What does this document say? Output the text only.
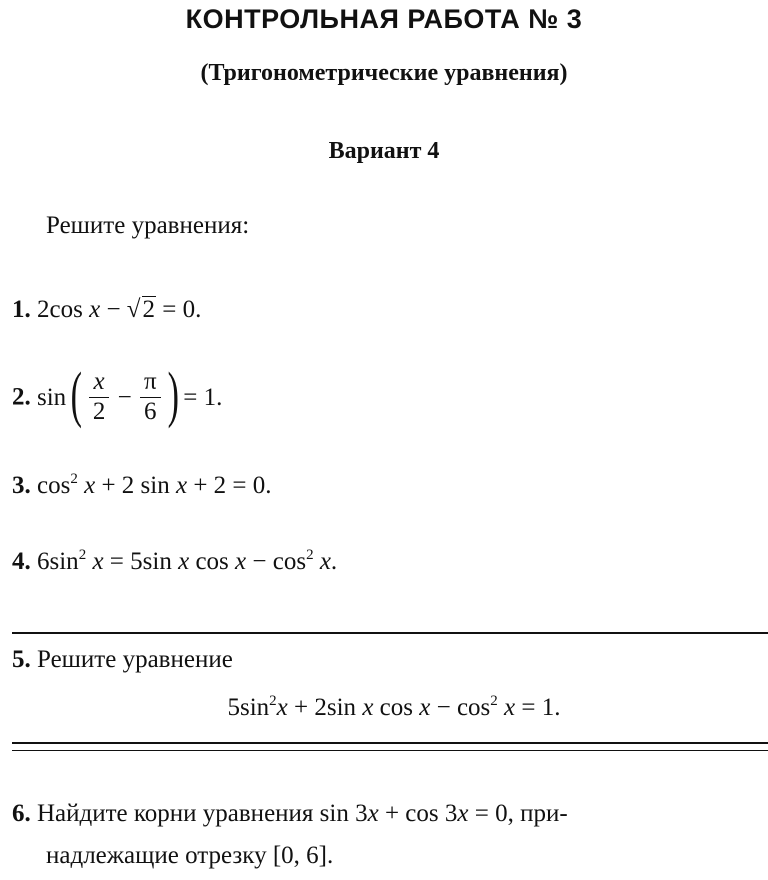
КОНТРОЛЬНАЯ РАБОТА № 3
(Тригонометрические уравнения)
Вариант 4
Решите уравнения:
1. 2cos x − √2 = 0.
2. $\sin( \frac{x}{2} - \frac{\pi}{6}$ ) = 1.
3. $\cos^2 x + 2$ sin x + 2 = 0.
4. $6\sin^2$ x = 5sin x $\cos x - \cos^2 x$.
5. Решите уравнение
$5\sin^2x + 2\sin$ x $\cos x - \cos^2 x = 1$.
6. Найдите корни уравнения sin 3x + cos 3x = 0, при-
надлежащие отрезку [0, 6].
